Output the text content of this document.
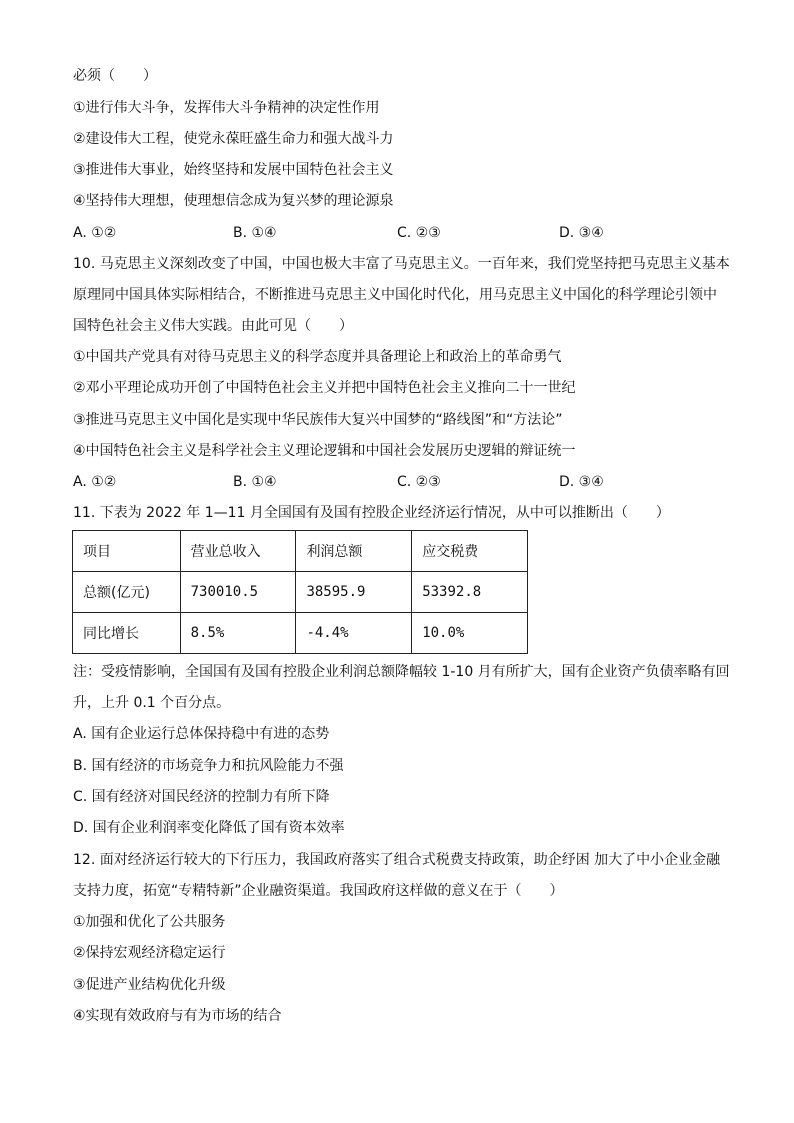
必须（　　）
①进行伟大斗争，发挥伟大斗争精神的决定性作用
②建设伟大工程，使党永葆旺盛生命力和强大战斗力
③推进伟大事业，始终坚持和发展中国特色社会主义
④坚持伟大理想，使理想信念成为复兴梦的理论源泉
A. ①②	B. ①④	C. ②③	D. ③④
10. 马克思主义深刻改变了中国，中国也极大丰富了马克思主义。一百年来，我们党坚持把马克思主义基本
原理同中国具体实际相结合，不断推进马克思主义中国化时代化，用马克思主义中国化的科学理论引领中
国特色社会主义伟大实践。由此可见（　　）
①中国共产党具有对待马克思主义的科学态度并具备理论上和政治上的革命勇气
②邓小平理论成功开创了中国特色社会主义并把中国特色社会主义推向二十一世纪
③推进马克思主义中国化是实现中华民族伟大复兴中国梦的“路线图”和“方法论”
④中国特色社会主义是科学社会主义理论逻辑和中国社会发展历史逻辑的辩证统一
A. ①②	B. ①④	C. ②③	D. ③④
11. 下表为 2022 年 1—11 月全国国有及国有控股企业经济运行情况，从中可以推断出（　　）
项目	营业总收入	利润总额	应交税费
总额(亿元)	730010.5	38595.9	53392.8
同比增长	8.5%	-4.4%	10.0%
注：受疫情影响，全国国有及国有控股企业利润总额降幅较 1-10 月有所扩大，国有企业资产负债率略有回
升，上升 0.1 个百分点。
A. 国有企业运行总体保持稳中有进的态势
B. 国有经济的市场竞争力和抗风险能力不强
C. 国有经济对国民经济的控制力有所下降
D. 国有企业利润率变化降低了国有资本效率
12. 面对经济运行较大的下行压力，我国政府落实了组合式税费支持政策，助企纾困 加大了中小企业金融
支持力度，拓宽“专精特新”企业融资渠道。我国政府这样做的意义在于（　　）
①加强和优化了公共服务
②保持宏观经济稳定运行
③促进产业结构优化升级
④实现有效政府与有为市场的结合
